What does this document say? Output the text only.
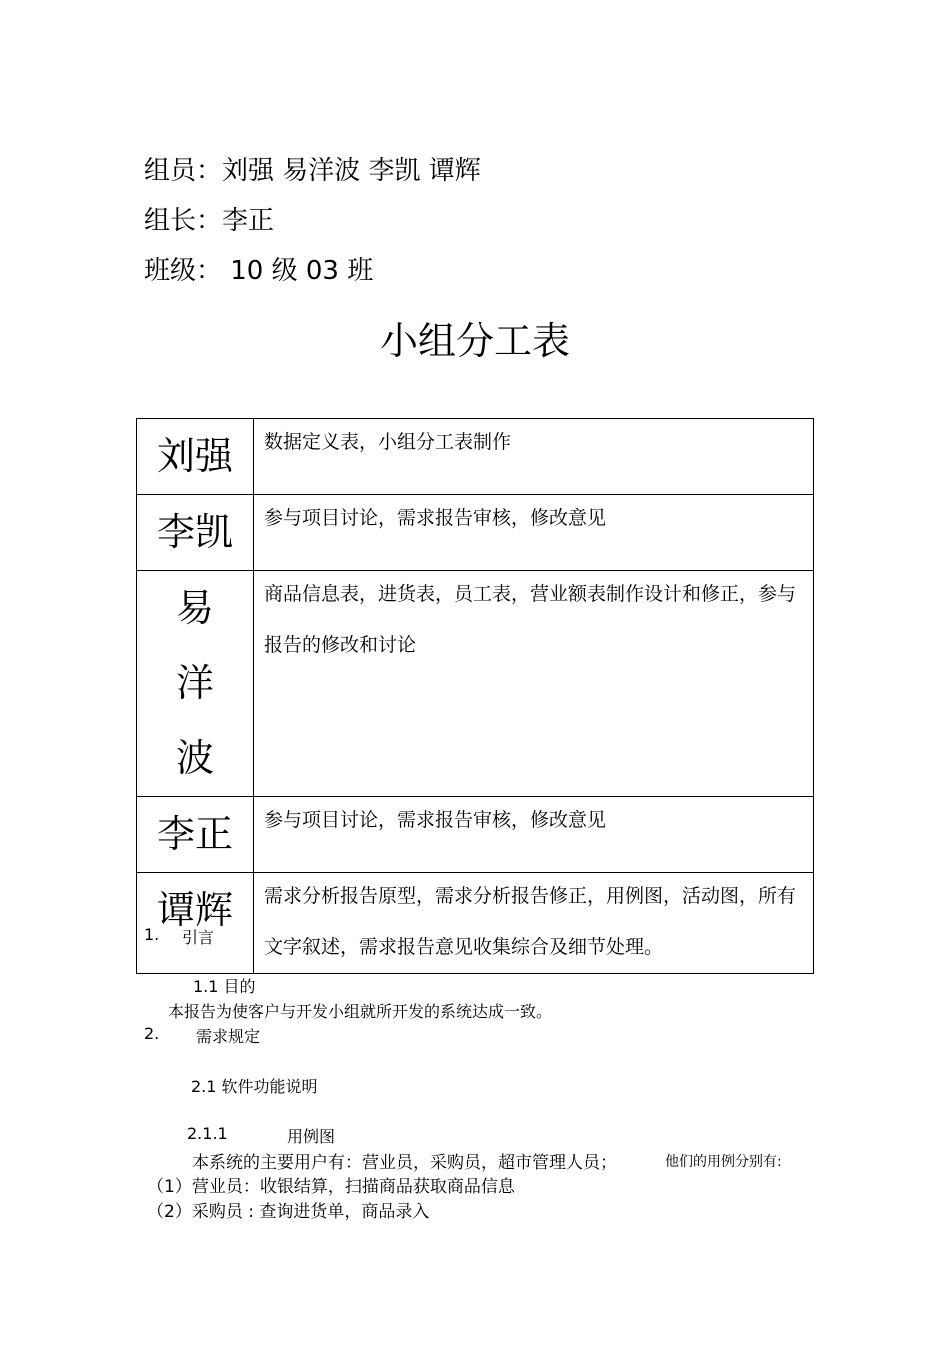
组员：刘强 易洋波 李凯 谭辉
组长：李正
班级： 10 级 03 班
小组分工表
刘强	数据定义表，小组分工表制作

李凯	参与项目讨论，需求报告审核，修改意见

易洋波	商品信息表，进货表，员工表，营业额表制作设计和修正，参与报告的修改和讨论

李正	参与项目讨论，需求报告审核，修改意见

谭辉	需求分析报告原型，需求分析报告修正，用例图，活动图，所有文字叙述，需求报告意见收集综合及细节处理。
1. 引言
1.1 目的
本报告为使客户与开发小组就所开发的系统达成一致。
2. 需求规定
2.1 软件功能说明
2.1.1	用例图
本系统的主要用户有：营业员，采购员，超市管理人员；	他们的用例分别有:
（1）营业员：收银结算，扫描商品获取商品信息
（2）采购员 : 查询进货单，商品录入
